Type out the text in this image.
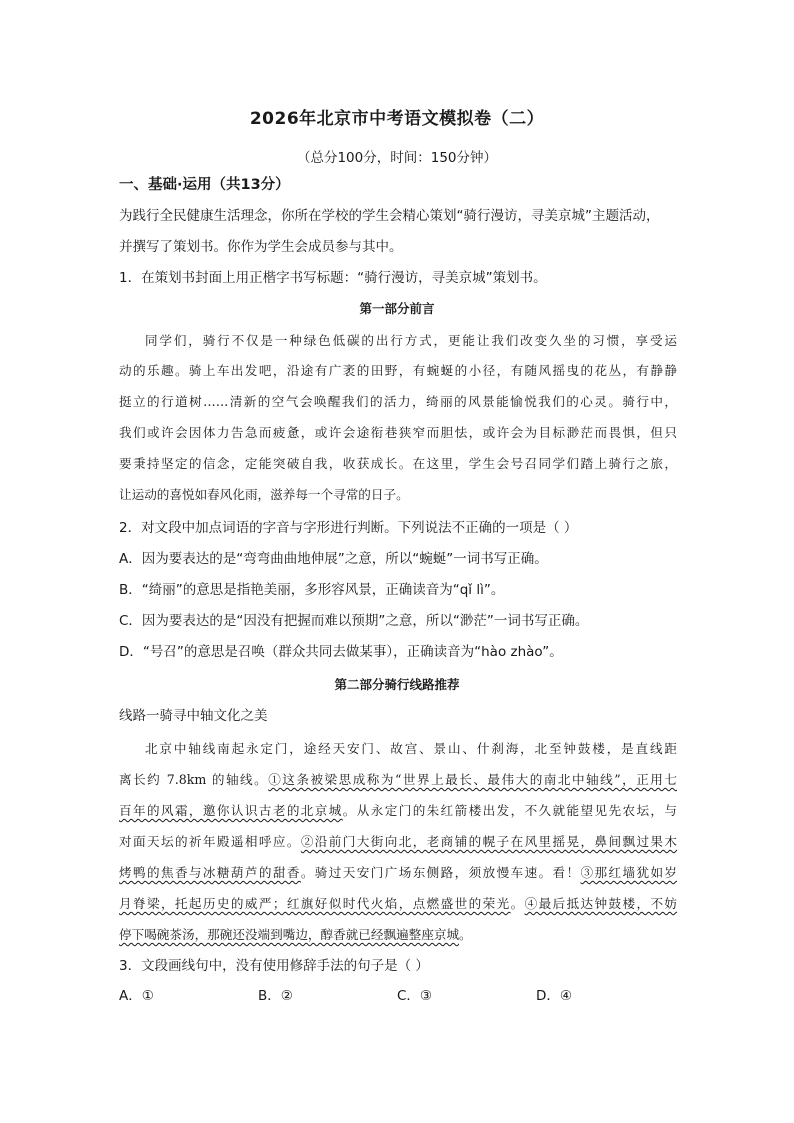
2026年北京市中考语文模拟卷（二）
（总分100分，时间：150分钟）
一、基础·运用（共13分）
为践行全民健康生活理念，你所在学校的学生会精心策划“骑行漫访，寻美京城”主题活动，
并撰写了策划书。你作为学生会成员参与其中。
1．在策划书封面上用正楷字书写标题：“骑行漫访，寻美京城”策划书。
第一部分前言
同学们，骑行不仅是一种绿色低碳的出行方式，更能让我们改变久坐的习惯，享受运
动的乐趣。骑上车出发吧，沿途有广袤的田野，有蜿蜒的小径，有随风摇曳的花丛，有静静
挺立的行道树……清新的空气会唤醒我们的活力，绮丽的风景能愉悦我们的心灵。骑行中，
我们或许会因体力告急而疲惫，或许会途衔巷狭窄而胆怯，或许会为目标渺茫而畏惧，但只
要秉持坚定的信念，定能突破自我，收获成长。在这里，学生会号召同学们踏上骑行之旅，
让运动的喜悦如春风化雨，滋养每一个寻常的日子。
2．对文段中加点词语的字音与字形进行判断。下列说法不正确的一项是（ ）
A．因为要表达的是“弯弯曲曲地伸展”之意，所以“蜿蜒”一词书写正确。
B．“绮丽”的意思是指艳美丽，多形容风景，正确读音为“qǐ lì”。
C．因为要表达的是“因没有把握而难以预期”之意，所以“渺茫”一词书写正确。
D．“号召”的意思是召唤（群众共同去做某事），正确读音为“hào zhào”。
第二部分骑行线路推荐
线路一骑寻中轴文化之美
北京中轴线南起永定门，途经天安门、故宫、景山、什刹海，北至钟鼓楼，是直线距
离长约 7.8km 的轴线。①这条被梁思成称为“世界上最长、最伟大的南北中轴线”，正用七
百年的风霜，邀你认识古老的北京城。从永定门的朱红箭楼出发，不久就能望见先农坛，与
对面天坛的祈年殿遥相呼应。②沿前门大街向北，老商铺的幌子在风里摇晃，鼻间飘过果木
烤鸭的焦香与冰糖葫芦的甜香。骑过天安门广场东侧路，须放慢车速。看！③那红墙犹如岁
月脊梁，托起历史的威严；红旗好似时代火焰，点燃盛世的荣光。④最后抵达钟鼓楼，不妨
停下喝碗茶汤，那碗还没端到嘴边，醇香就已经飘遍整座京城。
3．文段画线句中，没有使用修辞手法的句子是（ ）
A．①	B．②	C．③	D．④
